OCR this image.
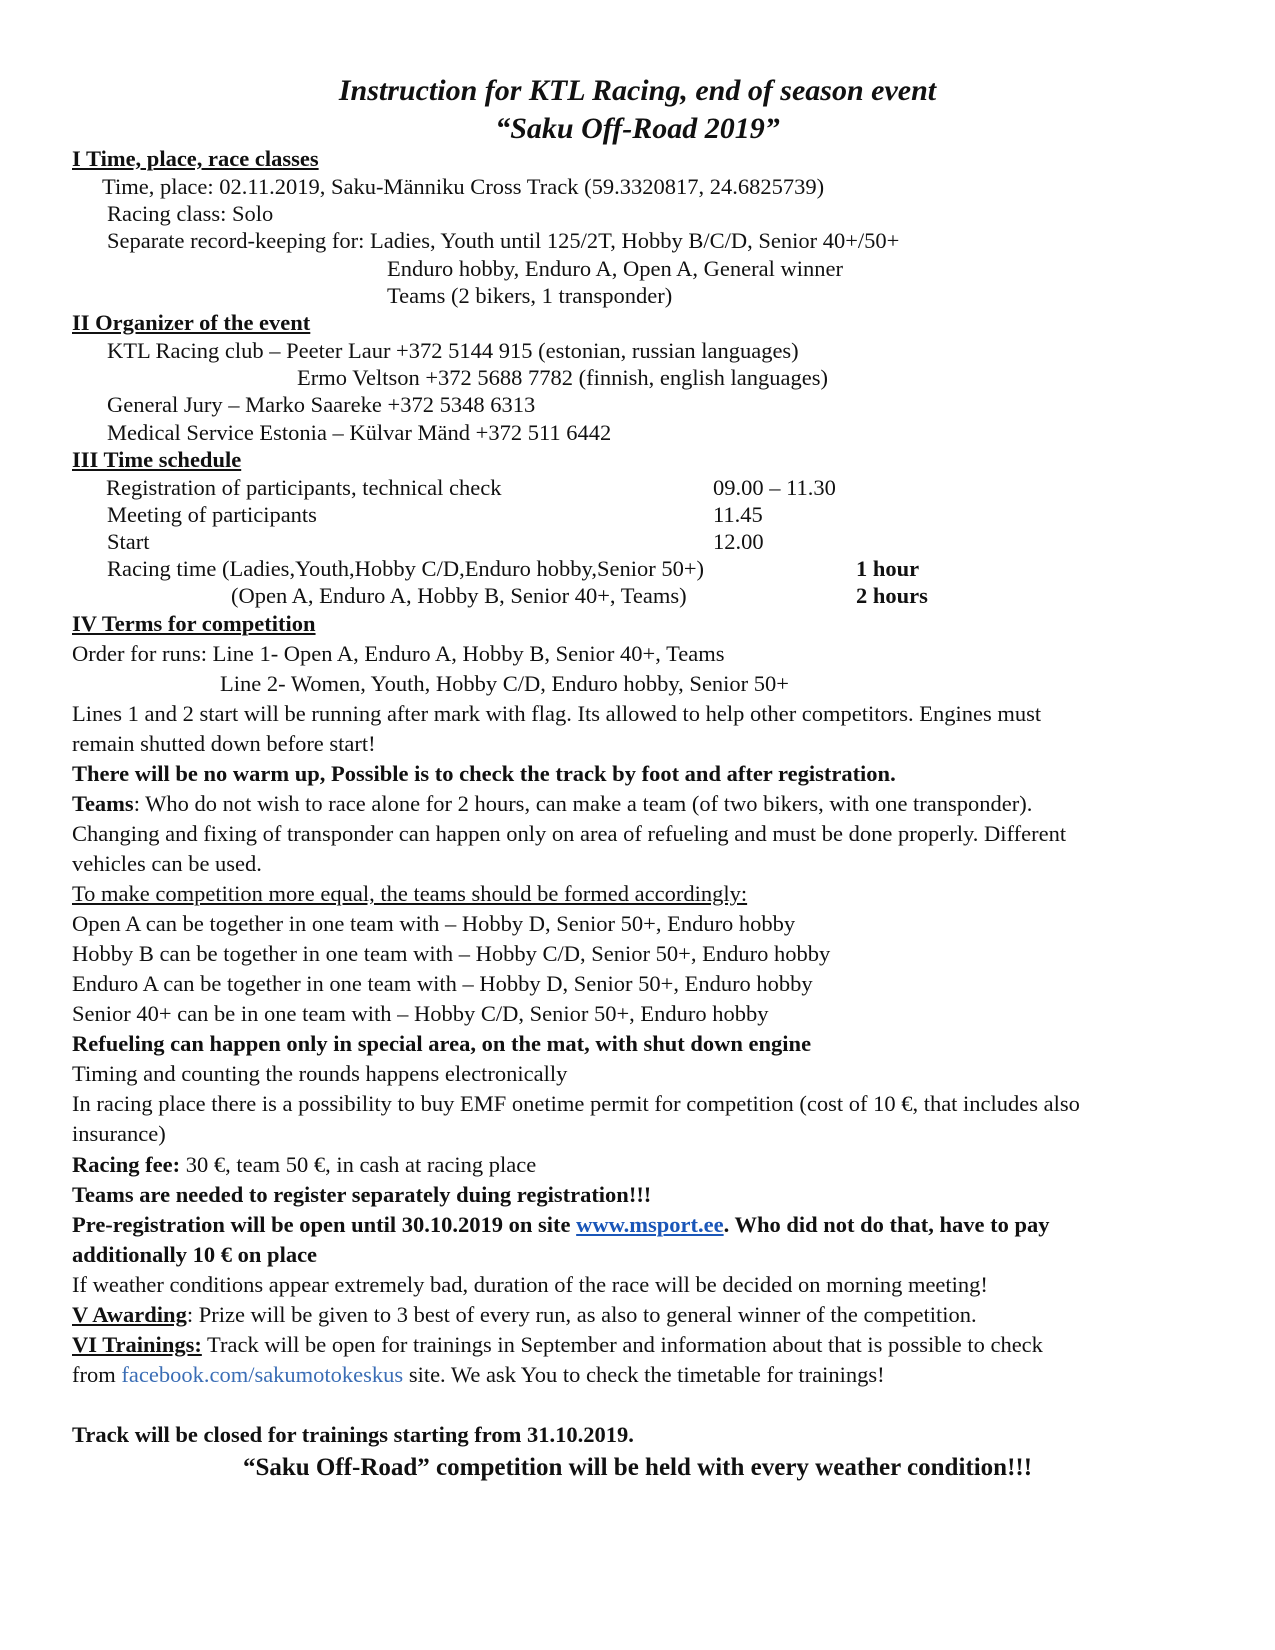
Instruction for KTL Racing, end of season event
“Saku Off-Road 2019”
I Time, place, race classes
Time, place: 02.11.2019, Saku-Männiku Cross Track (59.3320817, 24.6825739)
Racing class: Solo
Separate record-keeping for: Ladies, Youth until 125/2T, Hobby B/C/D, Senior 40+/50+
Enduro hobby, Enduro A, Open A, General winner
Teams (2 bikers, 1 transponder)
II Organizer of the event
KTL Racing club – Peeter Laur +372 5144 915 (estonian, russian languages)
Ermo Veltson +372 5688 7782 (finnish, english languages)
General Jury – Marko Saareke +372 5348 6313
Medical Service Estonia – Külvar Mänd +372 511 6442
III Time schedule
Registration of participants, technical check	09.00 – 11.30
Meeting of participants	11.45
Start	12.00
Racing time (Ladies,Youth,Hobby C/D,Enduro hobby,Senior 50+)	1 hour
(Open A, Enduro A, Hobby B, Senior 40+, Teams)	2 hours
IV Terms for competition
Order for runs: Line 1- Open A, Enduro A, Hobby B, Senior 40+, Teams
Line 2- Women, Youth, Hobby C/D, Enduro hobby, Senior 50+
Lines 1 and 2 start will be running after mark with flag. Its allowed to help other competitors. Engines must
remain shutted down before start!
There will be no warm up, Possible is to check the track by foot and after registration.
Teams: Who do not wish to race alone for 2 hours, can make a team (of two bikers, with one transponder).
Changing and fixing of transponder can happen only on area of refueling and must be done properly. Different
vehicles can be used.
To make competition more equal, the teams should be formed accordingly:
Open A can be together in one team with – Hobby D, Senior 50+, Enduro hobby
Hobby B can be together in one team with – Hobby C/D, Senior 50+, Enduro hobby
Enduro A can be together in one team with – Hobby D, Senior 50+, Enduro hobby
Senior 40+ can be in one team with – Hobby C/D, Senior 50+, Enduro hobby
Refueling can happen only in special area, on the mat, with shut down engine
Timing and counting the rounds happens electronically
In racing place there is a possibility to buy EMF onetime permit for competition (cost of 10 €, that includes also
insurance)
Racing fee: 30 €, team 50 €, in cash at racing place
Teams are needed to register separately duing registration!!!
Pre-registration will be open until 30.10.2019 on site www.msport.ee. Who did not do that, have to pay
additionally 10 € on place
If weather conditions appear extremely bad, duration of the race will be decided on morning meeting!
V Awarding: Prize will be given to 3 best of every run, as also to general winner of the competition.
VI Trainings: Track will be open for trainings in September and information about that is possible to check
from facebook.com/sakumotokeskus site. We ask You to check the timetable for trainings!
Track will be closed for trainings starting from 31.10.2019.
“Saku Off-Road” competition will be held with every weather condition!!!
